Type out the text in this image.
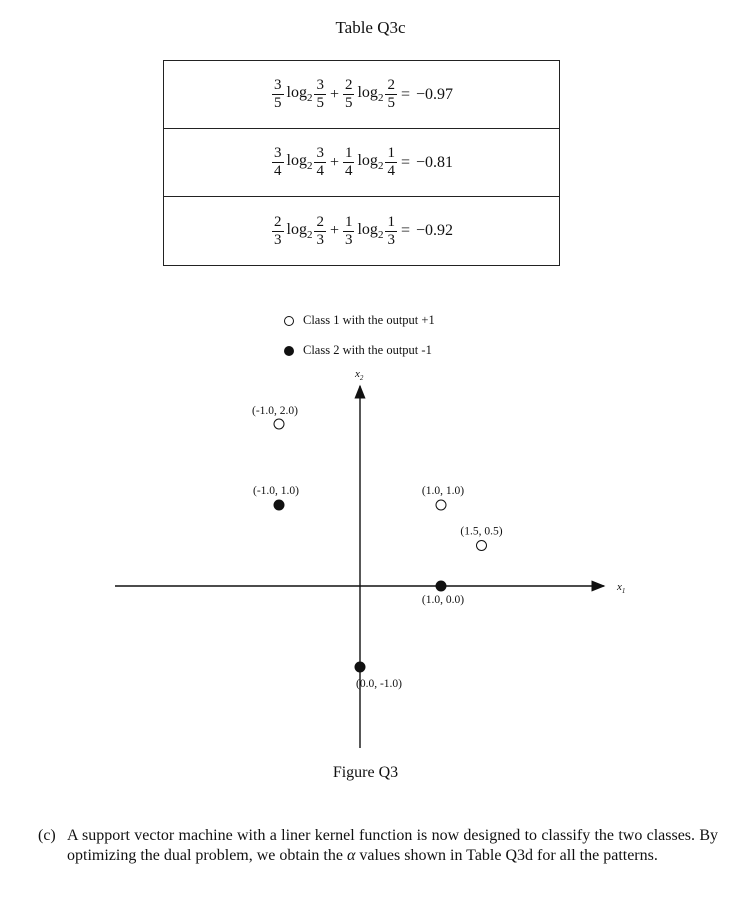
Table Q3c
$\frac{3}{5} \log_2 \frac{3}{5} + \frac{2}{5} \log_2 \frac{2}{5} = -0.97$
$\frac{3}{4} \log_2 \frac{3}{4} + \frac{1}{4} \log_2 \frac{1}{4} = -0.81$
$\frac{2}{3} \log_2 \frac{2}{3} + \frac{1}{3} \log_2 \frac{1}{3} = -0.92$
Class 1 with the output +1
Class 2 with the output -1
$x_1$
$x_2$
(-1.0, 2.0)
(-1.0, 1.0)	(1.0, 1.0)
(1.5, 0.5)
(1.0, 0.0)
(0.0, -1.0)
Figure Q3
(c) A support vector machine with a liner kernel function is now designed to classify the two classes. By optimizing the dual problem, we obtain the α values shown in Table Q3d for all the patterns.
